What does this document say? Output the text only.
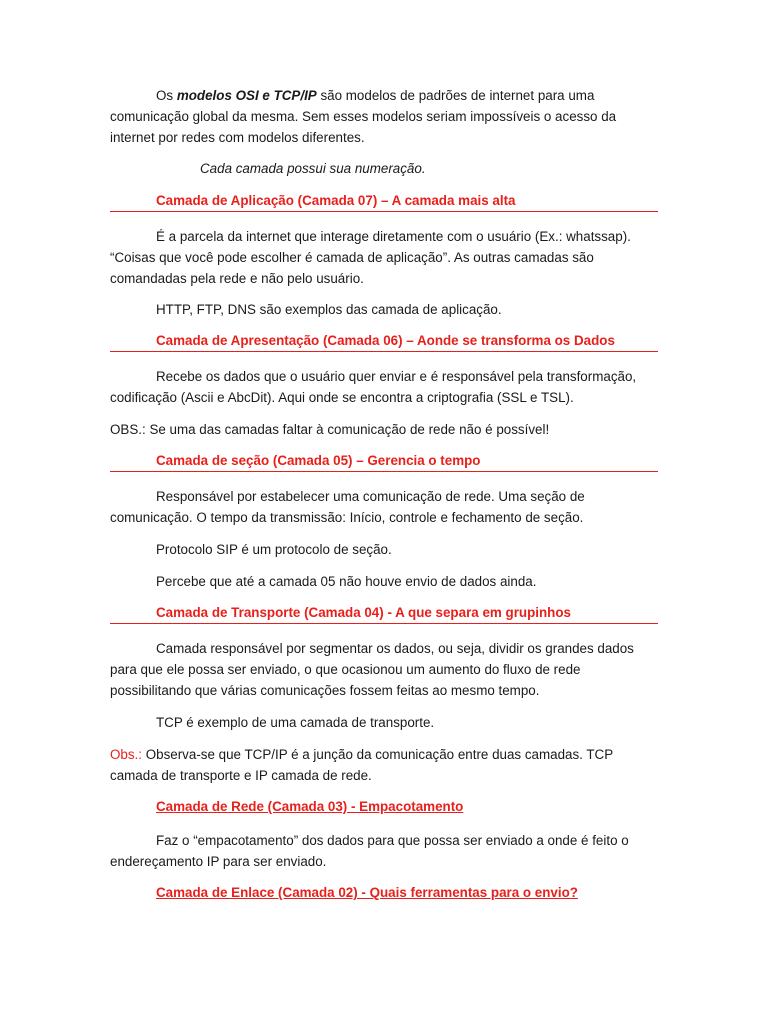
Os modelos OSI e TCP/IP são modelos de padrões de internet para uma comunicação global da mesma. Sem esses modelos seriam impossíveis o acesso da internet por redes com modelos diferentes.

Cada camada possui sua numeração.

Camada de Aplicação (Camada 07) – A camada mais alta

É a parcela da internet que interage diretamente com o usuário (Ex.: whatssap). “Coisas que você pode escolher é camada de aplicação”. As outras camadas são comandadas pela rede e não pelo usuário.

HTTP, FTP, DNS são exemplos das camada de aplicação.

Camada de Apresentação (Camada 06) – Aonde se transforma os Dados

Recebe os dados que o usuário quer enviar e é responsável pela transformação, codificação (Ascii e AbcDit). Aqui onde se encontra a criptografia (SSL e TSL).

OBS.: Se uma das camadas faltar à comunicação de rede não é possível!

Camada de seção (Camada 05) – Gerencia o tempo

Responsável por estabelecer uma comunicação de rede. Uma seção de comunicação. O tempo da transmissão: Início, controle e fechamento de seção.

Protocolo SIP é um protocolo de seção.

Percebe que até a camada 05 não houve envio de dados ainda.

Camada de Transporte (Camada 04) - A que separa em grupinhos

Camada responsável por segmentar os dados, ou seja, dividir os grandes dados para que ele possa ser enviado, o que ocasionou um aumento do fluxo de rede possibilitando que várias comunicações fossem feitas ao mesmo tempo.

TCP é exemplo de uma camada de transporte.

Obs.: Observa-se que TCP/IP é a junção da comunicação entre duas camadas. TCP camada de transporte e IP camada de rede.

Camada de Rede (Camada 03) - Empacotamento

Faz o “empacotamento” dos dados para que possa ser enviado a onde é feito o endereçamento IP para ser enviado.

Camada de Enlace (Camada 02) - Quais ferramentas para o envio?
